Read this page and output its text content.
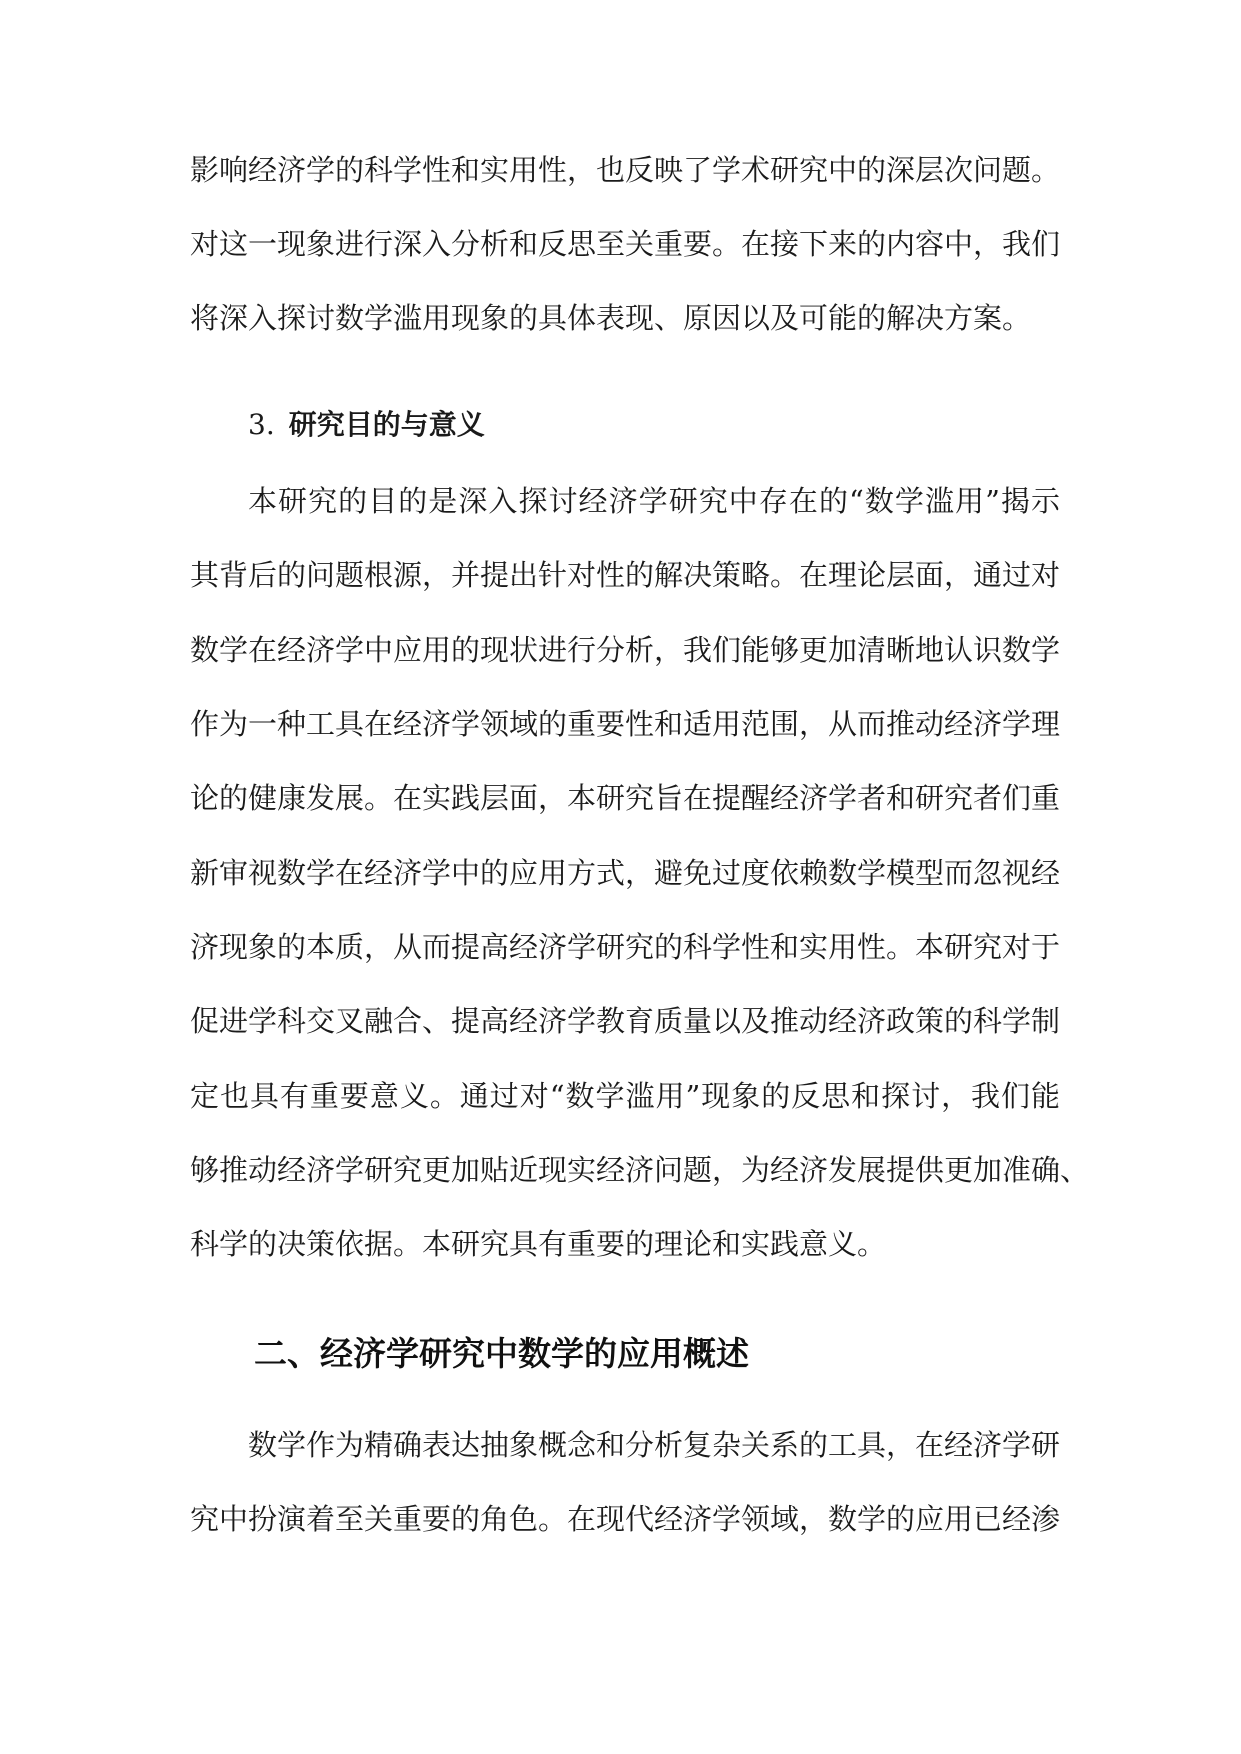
影响经济学的科学性和实用性，也反映了学术研究中的深层次问题。

对这一现象进行深入分析和反思至关重要。在接下来的内容中，我们

将深入探讨数学滥用现象的具体表现、原因以及可能的解决方案。

3. 研究目的与意义

本研究的目的是深入探讨经济学研究中存在的“数学滥用”揭示

其背后的问题根源，并提出针对性的解决策略。在理论层面，通过对

数学在经济学中应用的现状进行分析，我们能够更加清晰地认识数学

作为一种工具在经济学领域的重要性和适用范围，从而推动经济学理

论的健康发展。在实践层面，本研究旨在提醒经济学者和研究者们重

新审视数学在经济学中的应用方式，避免过度依赖数学模型而忽视经

济现象的本质，从而提高经济学研究的科学性和实用性。本研究对于

促进学科交叉融合、提高经济学教育质量以及推动经济政策的科学制

定也具有重要意义。通过对“数学滥用”现象的反思和探讨，我们能

够推动经济学研究更加贴近现实经济问题，为经济发展提供更加准确、

科学的决策依据。本研究具有重要的理论和实践意义。

二、经济学研究中数学的应用概述

数学作为精确表达抽象概念和分析复杂关系的工具，在经济学研

究中扮演着至关重要的角色。在现代经济学领域，数学的应用已经渗
